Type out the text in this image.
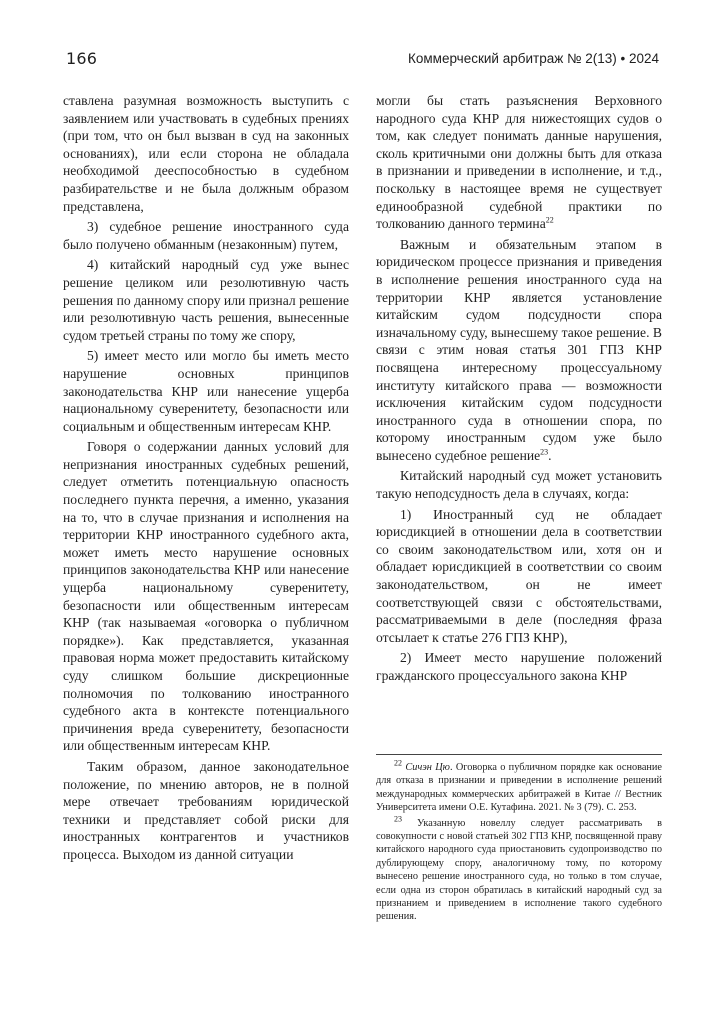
166	Коммерческий арбитраж № 2(13) • 2024

ставлена разумная возможность выступить с заявлением или участвовать в судебных прениях (при том, что он был вызван в суд на законных основаниях), или если сторона не обладала необходимой дееспособностью в судебном разбирательстве и не была должным образом представлена,

3) судебное решение иностранного суда было получено обманным (незаконным) путем,

4) китайский народный суд уже вынес решение целиком или резолютивную часть решения по данному спору или признал решение или резолютивную часть решения, вынесенные судом третьей страны по тому же спору,

5) имеет место или могло бы иметь место нарушение основных принципов законодательства КНР или нанесение ущерба национальному суверенитету, безопасности или социальным и общественным интересам КНР.

Говоря о содержании данных условий для непризнания иностранных судебных решений, следует отметить потенциальную опасность последнего пункта перечня, а именно, указания на то, что в случае признания и исполнения на территории КНР иностранного судебного акта, может иметь место нарушение основных принципов законодательства КНР или нанесение ущерба национальному суверенитету, безопасности или общественным интересам КНР (так называемая «оговорка о публичном порядке»). Как представляется, указанная правовая норма может предоставить китайскому суду слишком большие дискреционные полномочия по толкованию иностранного судебного акта в контексте потенциального причинения вреда суверенитету, безопасности или общественным интересам КНР.

Таким образом, данное законодательное положение, по мнению авторов, не в полной мере отвечает требованиям юридической техники и представляет собой риски для иностранных контрагентов и участников процесса. Выходом из данной ситуации

могли бы стать разъяснения Верховного народного суда КНР для нижестоящих судов о том, как следует понимать данные нарушения, сколь критичными они должны быть для отказа в признании и приведении в исполнение, и т.д., поскольку в настоящее время не существует единообразной судебной практики по толкованию данного термина$^{22}$

Важным и обязательным этапом в юридическом процессе признания и приведения в исполнение решения иностранного суда на территории КНР является установление китайским судом подсудности спора изначальному суду, вынесшему такое решение. В связи с этим новая статья 301 ГПЗ КНР посвящена интересному процессуальному институту китайского права — возможности исключения китайским судом подсудности иностранного суда в отношении спора, по которому иностранным судом уже было вынесено судебное решение$^{23}$.

Китайский народный суд может установить такую неподсудность дела в случаях, когда:

1) Иностранный суд не обладает юрисдикцией в отношении дела в соответствии со своим законодательством или, хотя он и обладает юрисдикцией в соответствии со своим законодательством, он не имеет соответствующей связи с обстоятельствами, рассматриваемыми в деле (последняя фраза отсылает к статье 276 ГПЗ КНР),

2) Имеет место нарушение положений гражданского процессуального закона КНР

$^{22}$ Сичэн Цю. Оговорка о публичном порядке как основание для отказа в признании и приведении в исполнение решений международных коммерческих арбитражей в Китае // Вестник Университета имени О.Е. Кутафина. 2021. № 3 (79). С. 253.

$^{23}$ Указанную новеллу следует рассматривать в совокупности с новой статьей 302 ГПЗ КНР, посвященной праву китайского народного суда приостановить судопроизводство по дублирующему спору, аналогичному тому, по которому вынесено решение иностранного суда, но только в том случае, если одна из сторон обратилась в китайский народный суд за признанием и приведением в исполнение такого судебного решения.
